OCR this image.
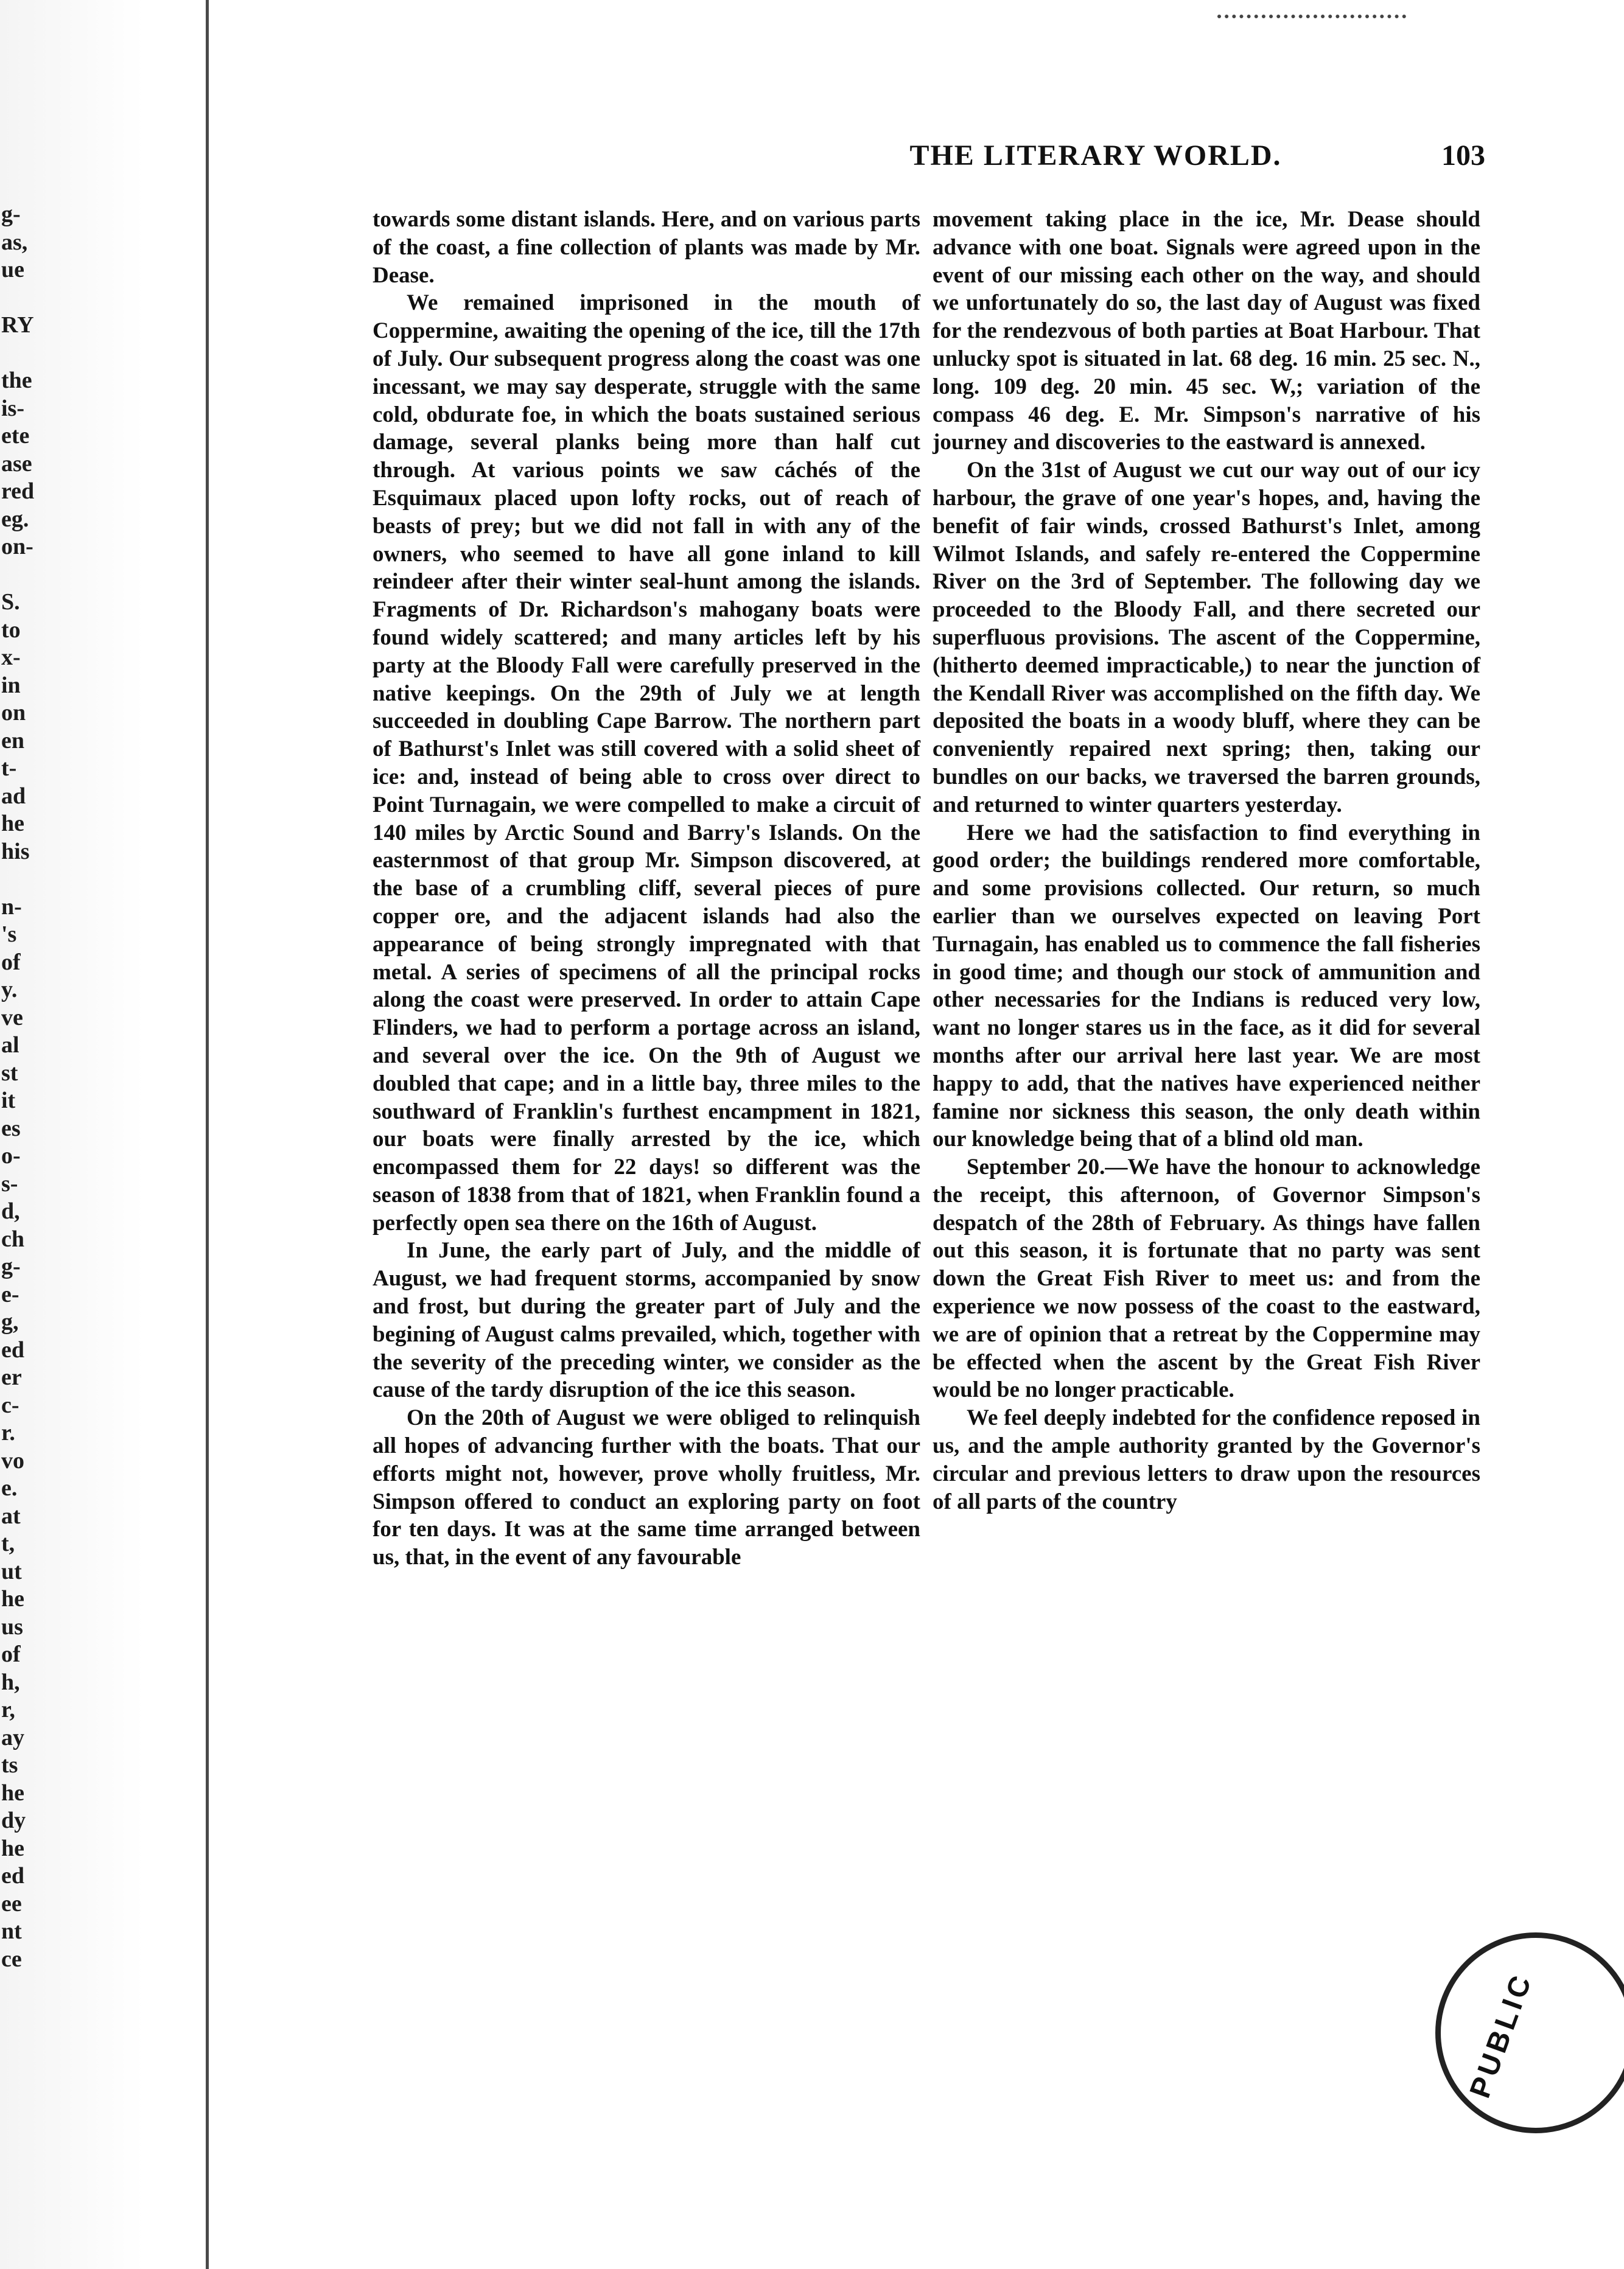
g-
as,
ue
RY
the
is-
ete
ase
red
eg.
on-
S.
to
x-
in
on
en
t-
ad
he
his
n-
's
of
y.
ve
al
st
it
es
o-
s-
d,
ch
g-
e-
g,
ed
er
c-
r.
vo
e.
at
t,
ut
he
us
of
h,
r,
ay
ts
he
dy
he
ed
ee
nt
ce
THE LITERARY WORLD.	103

towards some distant islands. Here, and on various parts of the coast, a fine collection of plants was made by Mr. Dease.

We remained imprisoned in the mouth of Coppermine, awaiting the opening of the ice, till the 17th of July. Our subsequent progress along the coast was one incessant, we may say desperate, struggle with the same cold, obdurate foe, in which the boats sustained serious damage, several planks being more than half cut through. At various points we saw cáchés of the Esquimaux placed upon lofty rocks, out of reach of beasts of prey; but we did not fall in with any of the owners, who seemed to have all gone inland to kill reindeer after their winter seal-hunt among the islands. Fragments of Dr. Richardson's mahogany boats were found widely scattered; and many articles left by his party at the Bloody Fall were carefully preserved in the native keepings. On the 29th of July we at length succeeded in doubling Cape Barrow. The northern part of Bathurst's Inlet was still covered with a solid sheet of ice: and, instead of being able to cross over direct to Point Turnagain, we were compelled to make a circuit of 140 miles by Arctic Sound and Barry's Islands. On the easternmost of that group Mr. Simpson discovered, at the base of a crumbling cliff, several pieces of pure copper ore, and the adjacent islands had also the appearance of being strongly impregnated with that metal. A series of specimens of all the principal rocks along the coast were preserved. In order to attain Cape Flinders, we had to perform a portage across an island, and several over the ice. On the 9th of August we doubled that cape; and in a little bay, three miles to the southward of Franklin's furthest encampment in 1821, our boats were finally arrested by the ice, which encompassed them for 22 days! so different was the season of 1838 from that of 1821, when Franklin found a perfectly open sea there on the 16th of August.

In June, the early part of July, and the middle of August, we had frequent storms, accompanied by snow and frost, but during the greater part of July and the begining of August calms prevailed, which, together with the severity of the preceding winter, we consider as the cause of the tardy disruption of the ice this season.

On the 20th of August we were obliged to relinquish all hopes of advancing further with the boats. That our efforts might not, however, prove wholly fruitless, Mr. Simpson offered to conduct an exploring party on foot for ten days. It was at the same time arranged between us, that, in the event of any favourable

movement taking place in the ice, Mr. Dease should advance with one boat. Signals were agreed upon in the event of our missing each other on the way, and should we unfortunately do so, the last day of August was fixed for the rendezvous of both parties at Boat Harbour. That unlucky spot is situated in lat. 68 deg. 16 min. 25 sec. N., long. 109 deg. 20 min. 45 sec. W,; variation of the compass 46 deg. E. Mr. Simpson's narrative of his journey and discoveries to the eastward is annexed.

On the 31st of August we cut our way out of our icy harbour, the grave of one year's hopes, and, having the benefit of fair winds, crossed Bathurst's Inlet, among Wilmot Islands, and safely re-entered the Coppermine River on the 3rd of September. The following day we proceeded to the Bloody Fall, and there secreted our superfluous provisions. The ascent of the Coppermine, (hitherto deemed impracticable,) to near the junction of the Kendall River was accomplished on the fifth day. We deposited the boats in a woody bluff, where they can be conveniently repaired next spring; then, taking our bundles on our backs, we traversed the barren grounds, and returned to winter quarters yesterday.

Here we had the satisfaction to find everything in good order; the buildings rendered more comfortable, and some provisions collected. Our return, so much earlier than we ourselves expected on leaving Port Turnagain, has enabled us to commence the fall fisheries in good time; and though our stock of ammunition and other necessaries for the Indians is reduced very low, want no longer stares us in the face, as it did for several months after our arrival here last year. We are most happy to add, that the natives have experienced neither famine nor sickness this season, the only death within our knowledge being that of a blind old man.

September 20.—We have the honour to acknowledge the receipt, this afternoon, of Governor Simpson's despatch of the 28th of February. As things have fallen out this season, it is fortunate that no party was sent down the Great Fish River to meet us: and from the experience we now possess of the coast to the eastward, we are of opinion that a retreat by the Coppermine may be effected when the ascent by the Great Fish River would be no longer practicable.

We feel deeply indebted for the confidence reposed in us, and the ample authority granted by the Governor's circular and previous letters to draw upon the resources of all parts of the country

PUBLIC
